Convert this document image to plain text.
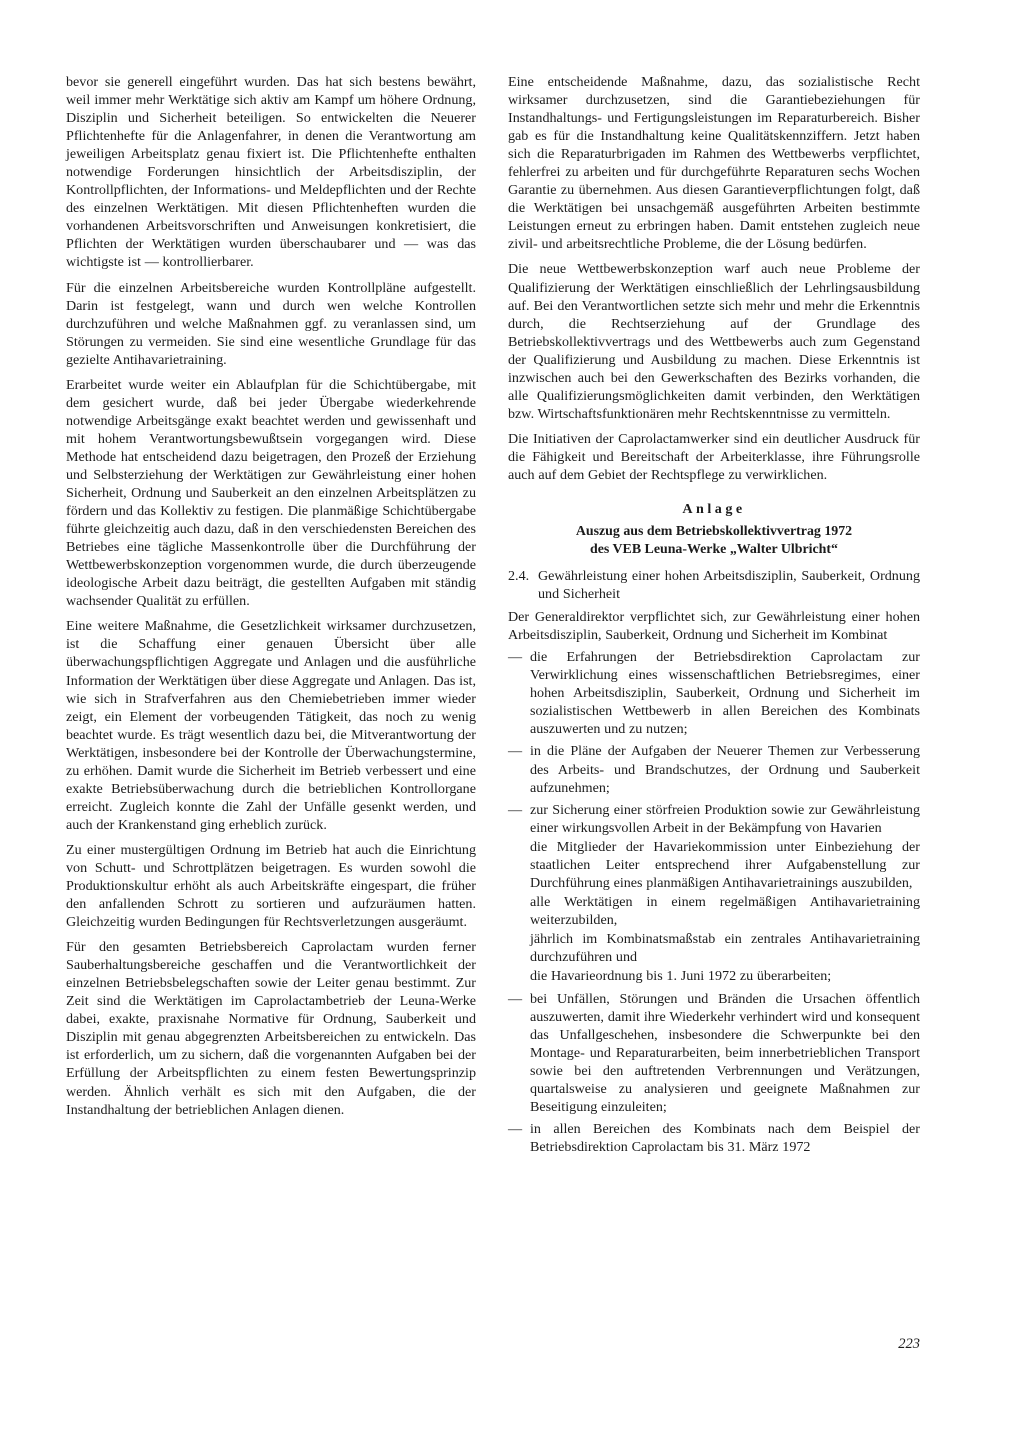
bevor sie generell eingeführt wurden. Das hat sich bestens bewährt, weil immer mehr Werktätige sich aktiv am Kampf um höhere Ordnung, Disziplin und Sicherheit beteiligen. So entwickelten die Neuerer Pflichtenhefte für die Anlagenfahrer, in denen die Verantwortung am jeweiligen Arbeitsplatz genau fixiert ist. Die Pflichtenhefte enthalten notwendige Forderungen hinsichtlich der Arbeitsdisziplin, der Kontrollpflichten, der Informations- und Meldepflichten und der Rechte des einzelnen Werktätigen. Mit diesen Pflichtenheften wurden die vorhandenen Arbeitsvorschriften und Anweisungen konkretisiert, die Pflichten der Werktätigen wurden überschaubarer und — was das wichtigste ist — kontrollierbarer.

Für die einzelnen Arbeitsbereiche wurden Kontrollpläne aufgestellt. Darin ist festgelegt, wann und durch wen welche Kontrollen durchzuführen und welche Maßnahmen ggf. zu veranlassen sind, um Störungen zu vermeiden. Sie sind eine wesentliche Grundlage für das gezielte Antihavarietraining.

Erarbeitet wurde weiter ein Ablaufplan für die Schichtübergabe, mit dem gesichert wurde, daß bei jeder Übergabe wiederkehrende notwendige Arbeitsgänge exakt beachtet werden und gewissenhaft und mit hohem Verantwortungsbewußtsein vorgegangen wird. Diese Methode hat entscheidend dazu beigetragen, den Prozeß der Erziehung und Selbsterziehung der Werktätigen zur Gewährleistung einer hohen Sicherheit, Ordnung und Sauberkeit an den einzelnen Arbeitsplätzen zu fördern und das Kollektiv zu festigen. Die planmäßige Schichtübergabe führte gleichzeitig auch dazu, daß in den verschiedensten Bereichen des Betriebes eine tägliche Massenkontrolle über die Durchführung der Wettbewerbskonzeption vorgenommen wurde, die durch überzeugende ideologische Arbeit dazu beiträgt, die gestellten Aufgaben mit ständig wachsender Qualität zu erfüllen.

Eine weitere Maßnahme, die Gesetzlichkeit wirksamer durchzusetzen, ist die Schaffung einer genauen Übersicht über alle überwachungspflichtigen Aggregate und Anlagen und die ausführliche Information der Werktätigen über diese Aggregate und Anlagen. Das ist, wie sich in Strafverfahren aus den Chemiebetrieben immer wieder zeigt, ein Element der vorbeugenden Tätigkeit, das noch zu wenig beachtet wurde. Es trägt wesentlich dazu bei, die Mitverantwortung der Werktätigen, insbesondere bei der Kontrolle der Überwachungstermine, zu erhöhen. Damit wurde die Sicherheit im Betrieb verbessert und eine exakte Betriebsüberwachung durch die betrieblichen Kontrollorgane erreicht. Zugleich konnte die Zahl der Unfälle gesenkt werden, und auch der Krankenstand ging erheblich zurück.

Zu einer mustergültigen Ordnung im Betrieb hat auch die Einrichtung von Schutt- und Schrottplätzen beigetragen. Es wurden sowohl die Produktionskultur erhöht als auch Arbeitskräfte eingespart, die früher den anfallenden Schrott zu sortieren und aufzuräumen hatten. Gleichzeitig wurden Bedingungen für Rechtsverletzungen ausgeräumt.

Für den gesamten Betriebsbereich Caprolactam wurden ferner Sauberhaltungsbereiche geschaffen und die Verantwortlichkeit der einzelnen Betriebsbelegschaften sowie der Leiter genau bestimmt. Zur Zeit sind die Werktätigen im Caprolactambetrieb der Leuna-Werke dabei, exakte, praxisnahe Normative für Ordnung, Sauberkeit und Disziplin mit genau abgegrenzten Arbeitsbereichen zu entwickeln. Das ist erforderlich, um zu sichern, daß die vorgenannten Aufgaben bei der Erfüllung der Arbeitspflichten zu einem festen Bewertungsprinzip werden. Ähnlich verhält es sich mit den Aufgaben, die der Instandhaltung der betrieblichen Anlagen dienen.

Eine entscheidende Maßnahme, dazu, das sozialistische Recht wirksamer durchzusetzen, sind die Garantiebeziehungen für Instandhaltungs- und Fertigungsleistungen im Reparaturbereich. Bisher gab es für die Instandhaltung keine Qualitätskennziffern. Jetzt haben sich die Reparaturbrigaden im Rahmen des Wettbewerbs verpflichtet, fehlerfrei zu arbeiten und für durchgeführte Reparaturen sechs Wochen Garantie zu übernehmen. Aus diesen Garantieverpflichtungen folgt, daß die Werktätigen bei unsachgemäß ausgeführten Arbeiten bestimmte Leistungen erneut zu erbringen haben. Damit entstehen zugleich neue zivil- und arbeitsrechtliche Probleme, die der Lösung bedürfen.

Die neue Wettbewerbskonzeption warf auch neue Probleme der Qualifizierung der Werktätigen einschließlich der Lehrlingsausbildung auf. Bei den Verantwortlichen setzte sich mehr und mehr die Erkenntnis durch, die Rechtserziehung auf der Grundlage des Betriebskollektivvertrags und des Wettbewerbs auch zum Gegenstand der Qualifizierung und Ausbildung zu machen. Diese Erkenntnis ist inzwischen auch bei den Gewerkschaften des Bezirks vorhanden, die alle Qualifizierungsmöglichkeiten damit verbinden, den Werktätigen bzw. Wirtschaftsfunktionären mehr Rechtskenntnisse zu vermitteln.

Die Initiativen der Caprolactamwerker sind ein deutlicher Ausdruck für die Fähigkeit und Bereitschaft der Arbeiterklasse, ihre Führungsrolle auch auf dem Gebiet der Rechtspflege zu verwirklichen.

Anlage
Auszug aus dem Betriebskollektivvertrag 1972
des VEB Leuna-Werke „Walter Ulbricht“
2.4. Gewährleistung einer hohen Arbeitsdisziplin, Sauberkeit, Ordnung und Sicherheit

Der Generaldirektor verpflichtet sich, zur Gewährleistung einer hohen Arbeitsdisziplin, Sauberkeit, Ordnung und Sicherheit im Kombinat

— die Erfahrungen der Betriebsdirektion Caprolactam zur Verwirklichung eines wissenschaftlichen Betriebsregimes, einer hohen Arbeitsdisziplin, Sauberkeit, Ordnung und Sicherheit im sozialistischen Wettbewerb in allen Bereichen des Kombinats auszuwerten und zu nutzen;
— in die Pläne der Aufgaben der Neuerer Themen zur Verbesserung des Arbeits- und Brandschutzes, der Ordnung und Sauberkeit aufzunehmen;
— zur Sicherung einer störfreien Produktion sowie zur Gewährleistung einer wirkungsvollen Arbeit in der Bekämpfung von Havarien
die Mitglieder der Havariekommission unter Einbeziehung der staatlichen Leiter entsprechend ihrer Aufgabenstellung zur Durchführung eines planmäßigen Antihavarietrainings auszubilden,
alle Werktätigen in einem regelmäßigen Antihavarietraining weiterzubilden,
jährlich im Kombinatsmaßstab ein zentrales Antihavarietraining durchzuführen und
die Havarieordnung bis 1. Juni 1972 zu überarbeiten;
— bei Unfällen, Störungen und Bränden die Ursachen öffentlich auszuwerten, damit ihre Wiederkehr verhindert wird und konsequent das Unfallgeschehen, insbesondere die Schwerpunkte bei den Montage- und Reparaturarbeiten, beim innerbetrieblichen Transport sowie bei den auftretenden Verbrennungen und Verätzungen, quartalsweise zu analysieren und geeignete Maßnahmen zur Beseitigung einzuleiten;
— in allen Bereichen des Kombinats nach dem Beispiel der Betriebsdirektion Caprolactam bis 31. März 1972
223
